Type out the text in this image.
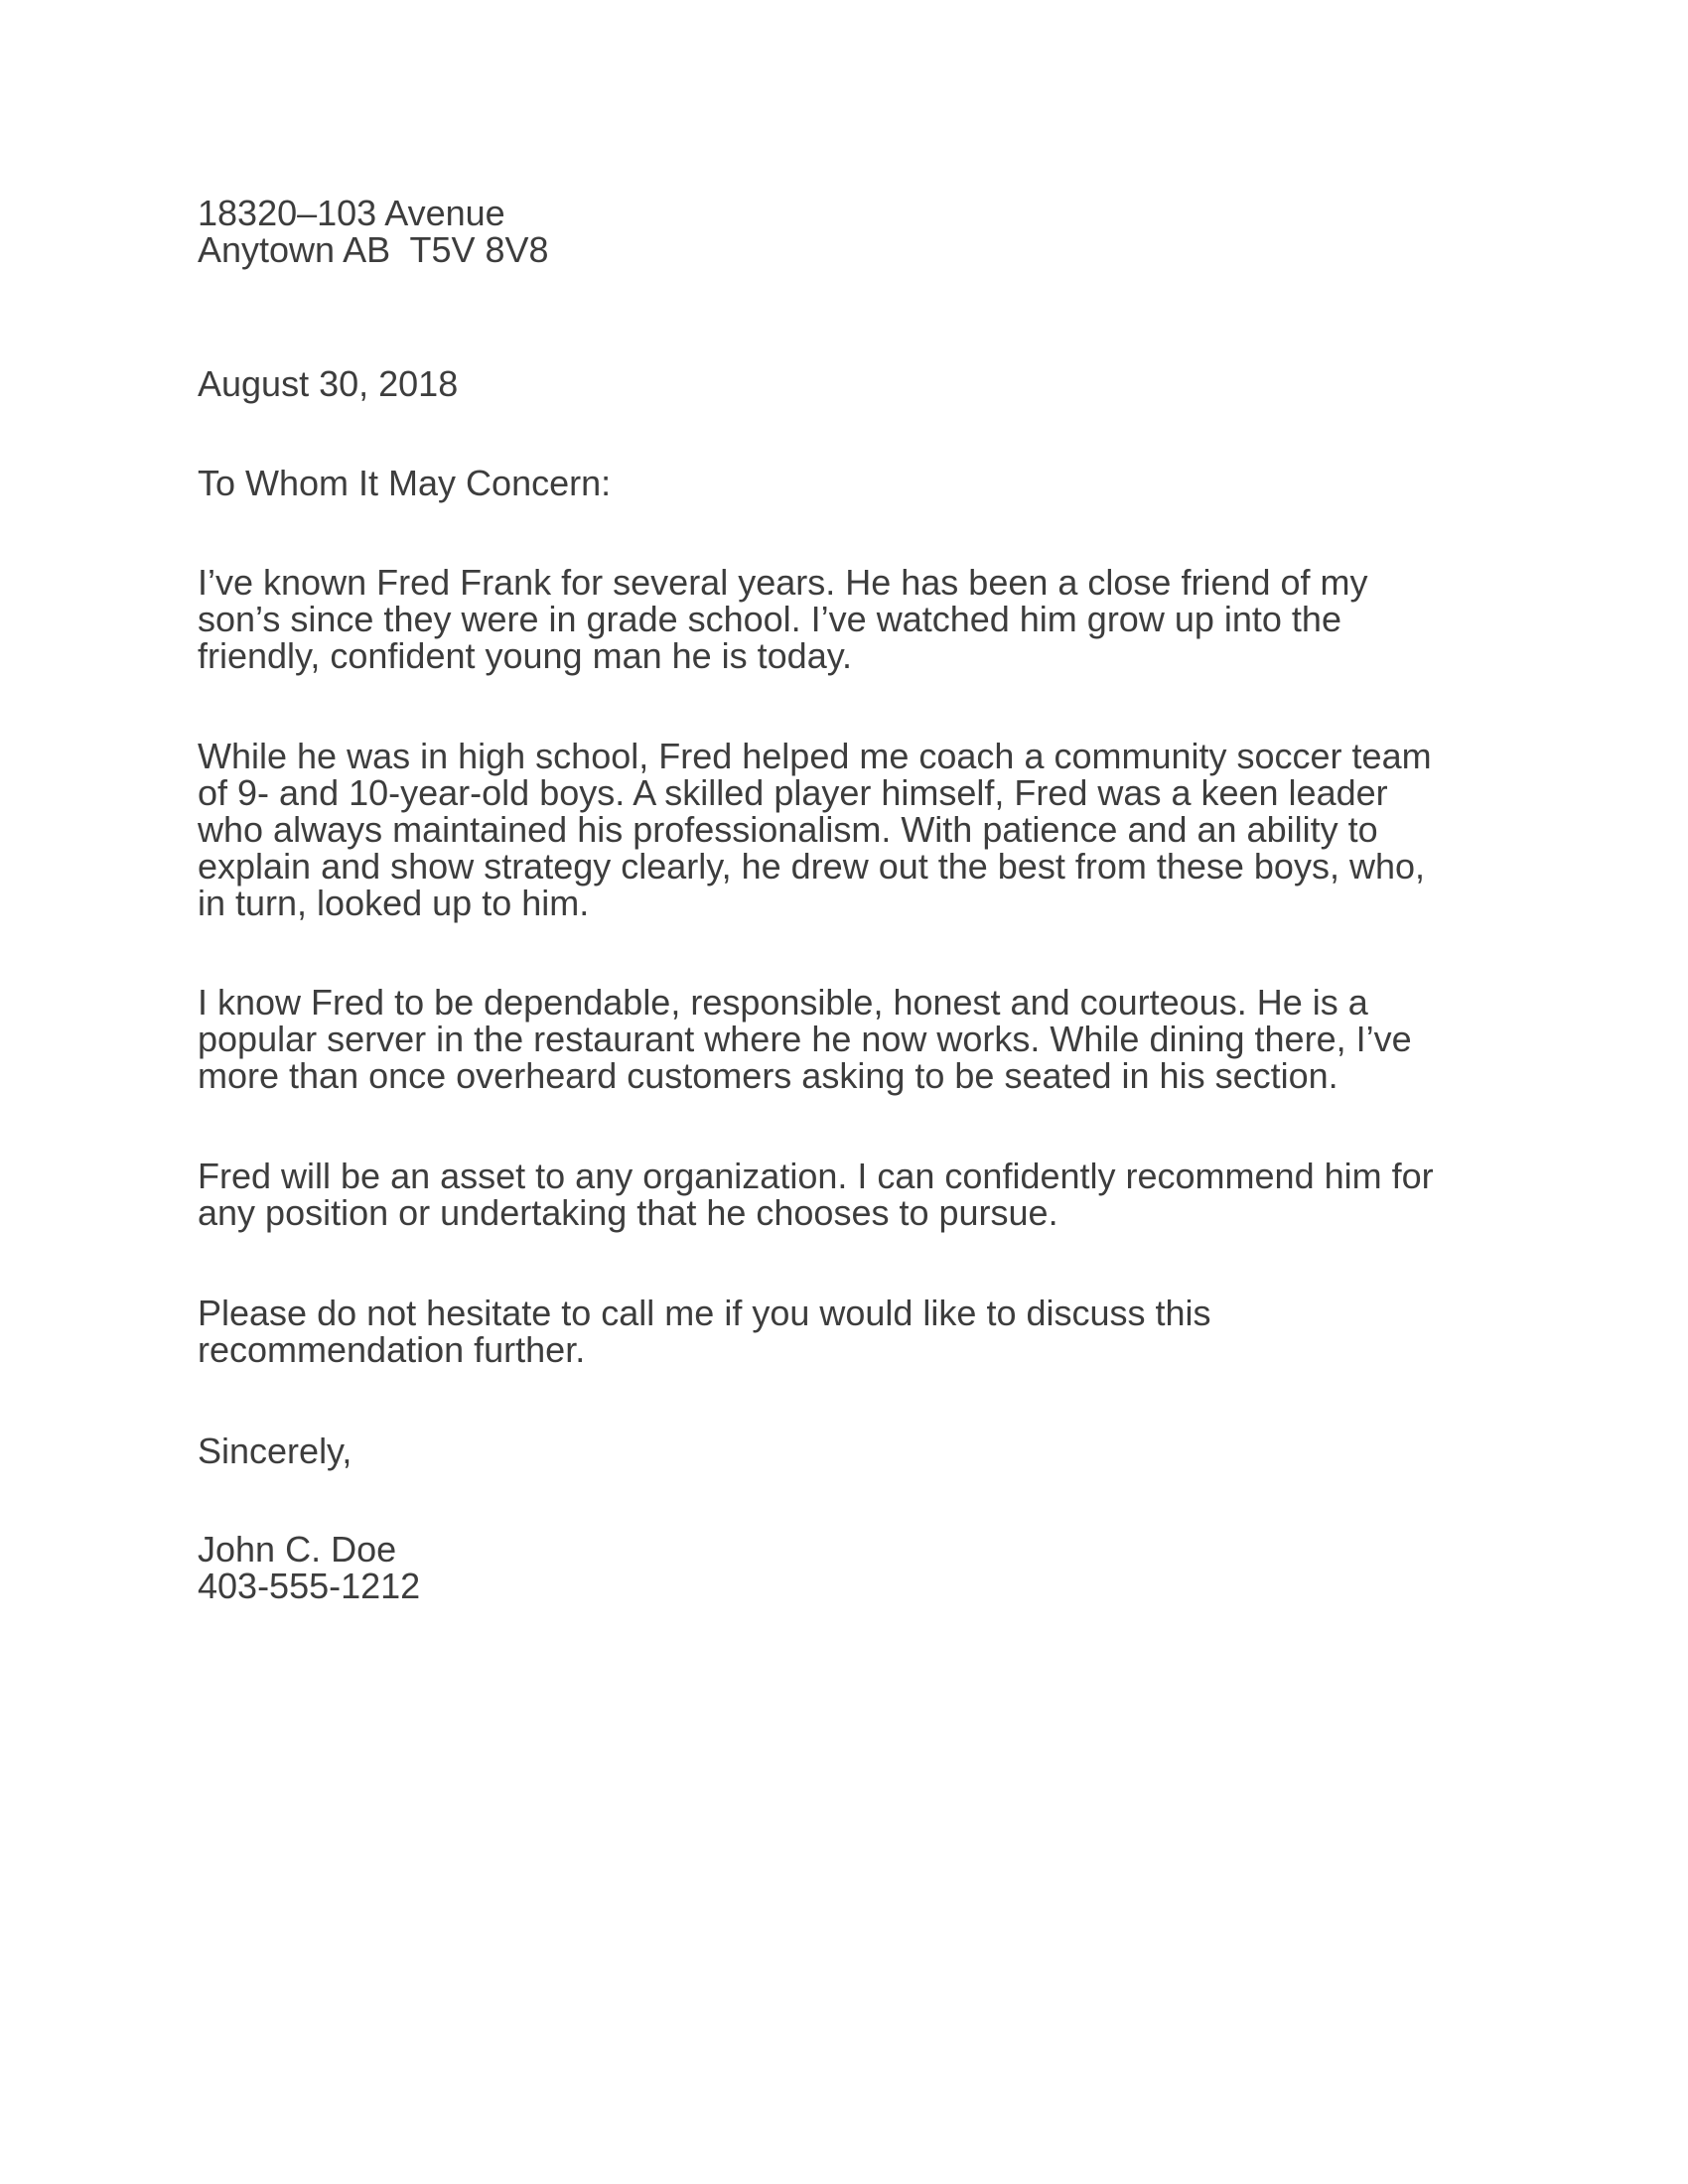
18320–103 Avenue

Anytown AB  T5V 8V8

August 30, 2018

To Whom It May Concern:

I’ve known Fred Frank for several years. He has been a close friend of my

son’s since they were in grade school. I’ve watched him grow up into the

friendly, confident young man he is today.

While he was in high school, Fred helped me coach a community soccer team

of 9- and 10-year-old boys. A skilled player himself, Fred was a keen leader

who always maintained his professionalism. With patience and an ability to

explain and show strategy clearly, he drew out the best from these boys, who,

in turn, looked up to him.

I know Fred to be dependable, responsible, honest and courteous. He is a

popular server in the restaurant where he now works. While dining there, I’ve

more than once overheard customers asking to be seated in his section.

Fred will be an asset to any organization. I can confidently recommend him for

any position or undertaking that he chooses to pursue.

Please do not hesitate to call me if you would like to discuss this

recommendation further.

Sincerely,

John C. Doe

403-555-1212
